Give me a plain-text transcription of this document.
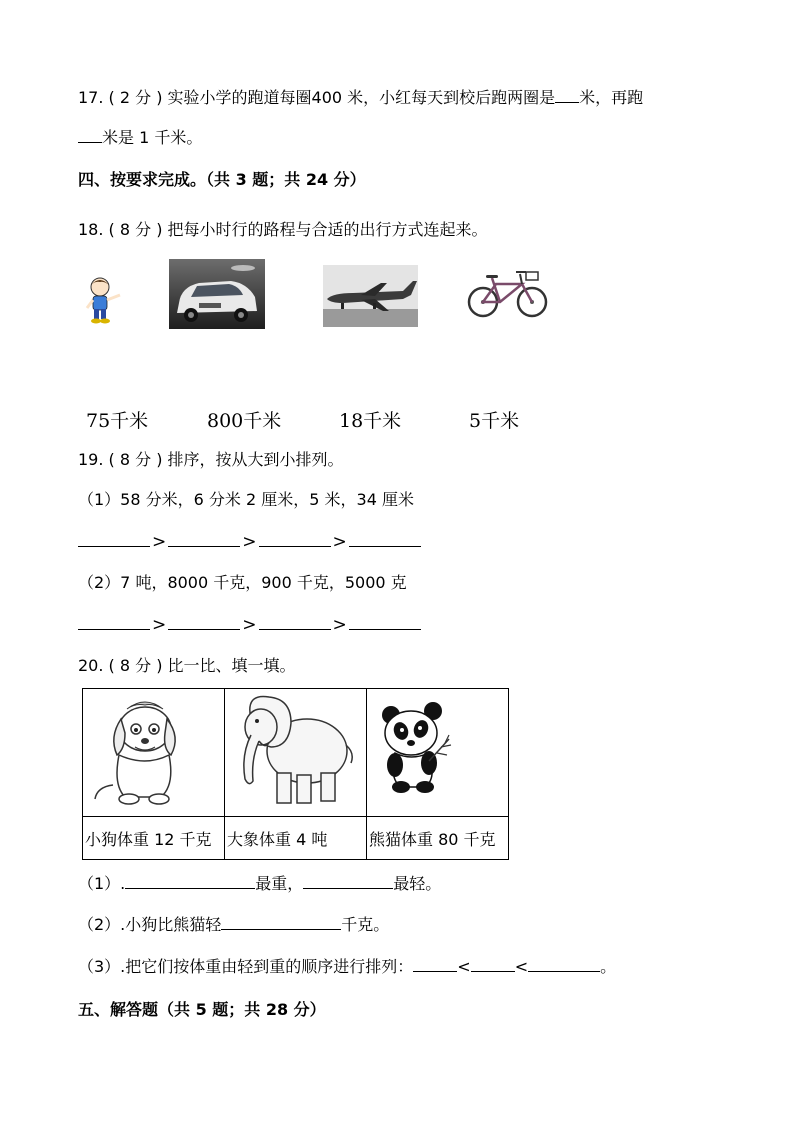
17. ( 2 分 ) 实验小学的跑道每圈400 米，小红每天到校后跑两圈是 米，再跑
米是 1 千米。
四、按要求完成。（共 3 题；共 24 分）
18. ( 8 分 ) 把每小时行的路程与合适的出行方式连起来。
75千米	800千米	18千米	5千米
19. ( 8 分 ) 排序，按从大到小排列。
（1）58 分米，6 分米 2 厘米，5 米，34 厘米
>	>	>
（2）7 吨，8000 千克，900 千克，5000 克
>	>	>
20. ( 8 分 ) 比一比、填一填。

小狗体重 12 千克	大象体重 4 吨	熊猫体重 80 千克
（1）.	最重，	最轻。
（2）.小狗比熊猫轻	千克。
（3）.把它们按体重由轻到重的顺序进行排列：	<	<	。
五、解答题（共 5 题；共 28 分）
